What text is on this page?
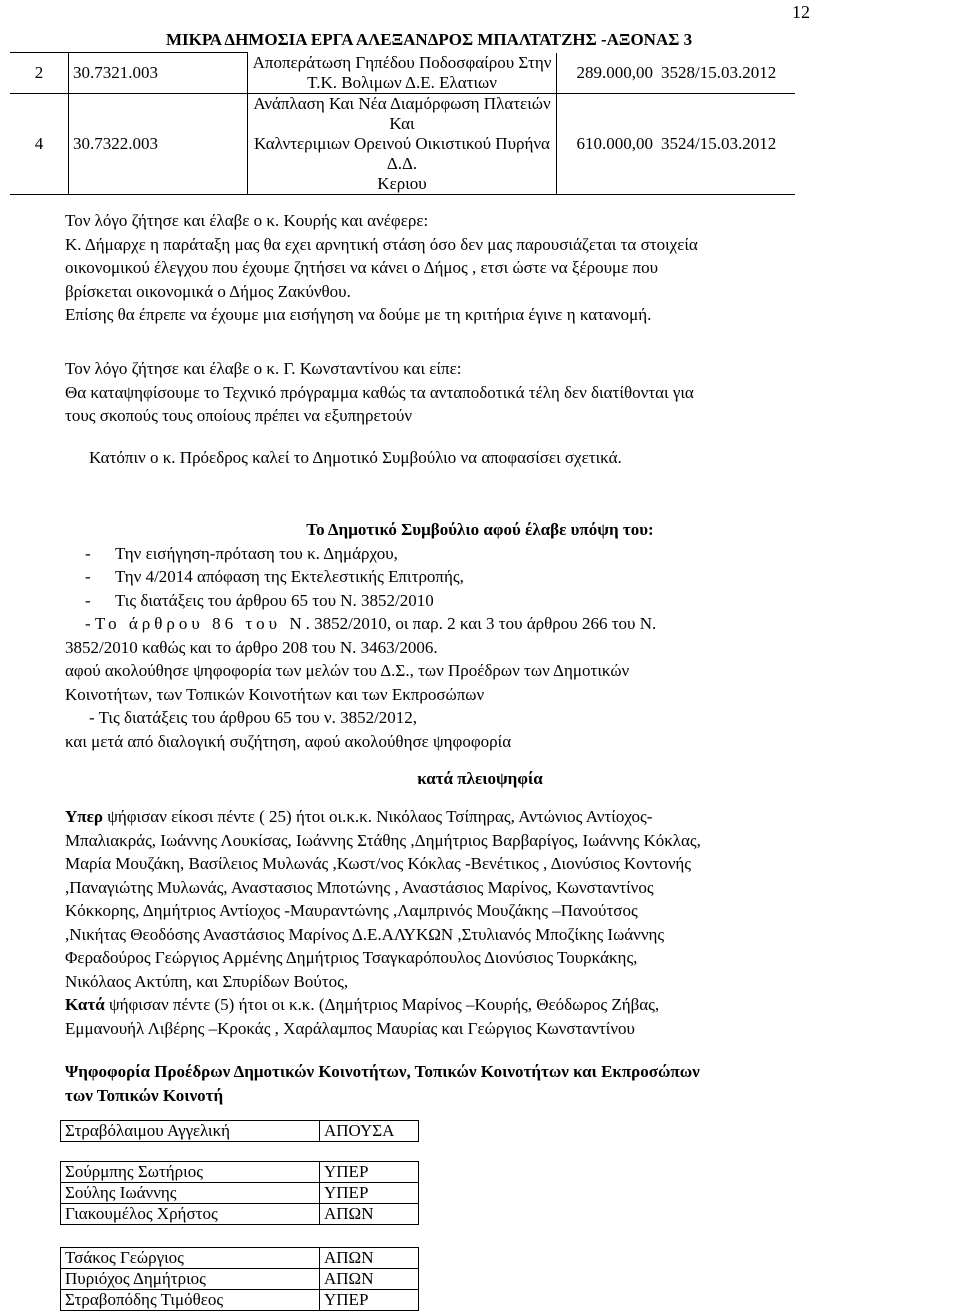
12
ΜΙΚΡΑ ΔΗΜΟΣΙΑ ΕΡΓΑ ΑΛΕΞΑΝΔΡΟΣ ΜΠΑΛΤΑΤΖΗΣ -ΑΞΟΝΑΣ 3
2	30.7321.003	Αποπεράτωση Γηπέδου Ποδοσφαίρου Στην
Τ.Κ. Βολιμων Δ.Ε. Ελατιων	289.000,00	3528/15.03.2012
4	30.7322.003	Ανάπλαση Και Νέα Διαμόρφωση Πλατειών Και
Καλντεριμιων Ορεινού Οικιστικού Πυρήνα Δ.Δ.
Κεριου	610.000,00	3524/15.03.2012

Τον λόγο ζήτησε και έλαβε ο κ. Κουρής και ανέφερε:

Κ. Δήμαρχε η παράταξη μας θα εχει αρνητική στάση όσο δεν μας παρουσιάζεται τα στοιχεία

οικονομικού έλεγχου που έχουμε ζητήσει να κάνει ο Δήμος , ετσι ώστε να ξέρουμε που

βρίσκεται οικονομικά ο Δήμος Ζακύνθου.

Επίσης θα έπρεπε να έχουμε μια εισήγηση να δούμε με τη κριτήρια έγινε η κατανομή.

Τον λόγο ζήτησε και έλαβε ο κ. Γ. Κωνσταντίνου και είπε:

Θα καταψηφίσουμε το Τεχνικό πρόγραμμα καθώς τα ανταποδοτικά τέλη δεν διατίθονται για

τους σκοπούς τους οποίους πρέπει να εξυπηρετούν

Κατόπιν ο κ. Πρόεδρος καλεί το Δημοτικό Συμβούλιο να αποφασίσει σχετικά.

Το Δημοτικό Συμβούλιο αφού έλαβε υπόψη του:

-	Την εισήγηση-πρόταση του κ. Δημάρχου,
-	Την 4/2014 απόφαση της Εκτελεστικής Επιτροπής,
-	Τις διατάξεις του άρθρου 65 του Ν. 3852/2010
- Το άρθρου 86 του Ν. 3852/2010, οι παρ. 2 και 3 του άρθρου 266 του Ν.

3852/2010 καθώς και το άρθρο 208 του Ν. 3463/2006.

αφού ακολούθησε ψηφοφορία των μελών του Δ.Σ., των Προέδρων των Δημοτικών

Κοινοτήτων, των Τοπικών Κοινοτήτων και των Εκπροσώπων

- Τις διατάξεις του άρθρου 65 του ν. 3852/2012,

και μετά από διαλογική συζήτηση, αφού ακολούθησε ψηφοφορία

κατά πλειοψηφία

Υπερ ψήφισαν είκοσι πέντε ( 25) ήτοι οι.κ.κ. Νικόλαος Τσίπηρας, Αντώνιος Αντίοχος-

Μπαλιακράς, Ιωάννης Λουκίσας, Ιωάννης Στάθης ,Δημήτριος Βαρβαρίγος, Ιωάννης Κόκλας,

Μαρία Μουζάκη, Βασίλειος Μυλωνάς ,Κωστ/νος Κόκλας -Βενέτικος , Διονύσιος Κοντονής

,Παναγιώτης Μυλωνάς, Αναστασιος Μποτώνης , Αναστάσιος Μαρίνος, Κωνσταντίνος

Κόκκορης, Δημήτριος Αντίοχος -Μαυραντώνης ,Λαμπρινός Μουζάκης –Πανούτσος

,Νικήτας Θεοδόσης Αναστάσιος Μαρίνος Δ.Ε.ΑΛΥΚΩΝ ,Στυλιανός Μποζίκης Ιωάννης

Φεραδούρος Γεώργιος Αρμένης Δημήτριος Τσαγκαρόπουλος Διονύσιος Τουρκάκης,

Νικόλαος Ακτύπη, και Σπυρίδων Βούτος,

Κατά ψήφισαν πέντε (5) ήτοι οι κ.κ. (Δημήτριος Μαρίνος –Κουρής, Θεόδωρος Ζήβας,

Εμμανουήλ Λιβέρης –Κροκάς , Χαράλαμπος Μαυρίας και Γεώργιος Κωνσταντίνου

Ψηφοφορία Προέδρων Δημοτικών Κοινοτήτων, Τοπικών Κοινοτήτων και Εκπροσώπων

των Τοπικών Κοινοτή

Στραβόλαιμου Αγγελική	ΑΠΟΥΣΑ
Σούρμπης Σωτήριος	ΥΠΕΡ
Σούλης Ιωάννης	ΥΠΕΡ
Γιακουμέλος Χρήστος	ΑΠΩΝ
Τσάκος Γεώργιος	ΑΠΩΝ
Πυριόχος Δημήτριος	ΑΠΩΝ
Στραβοπόδης Τιμόθεος	ΥΠΕΡ
